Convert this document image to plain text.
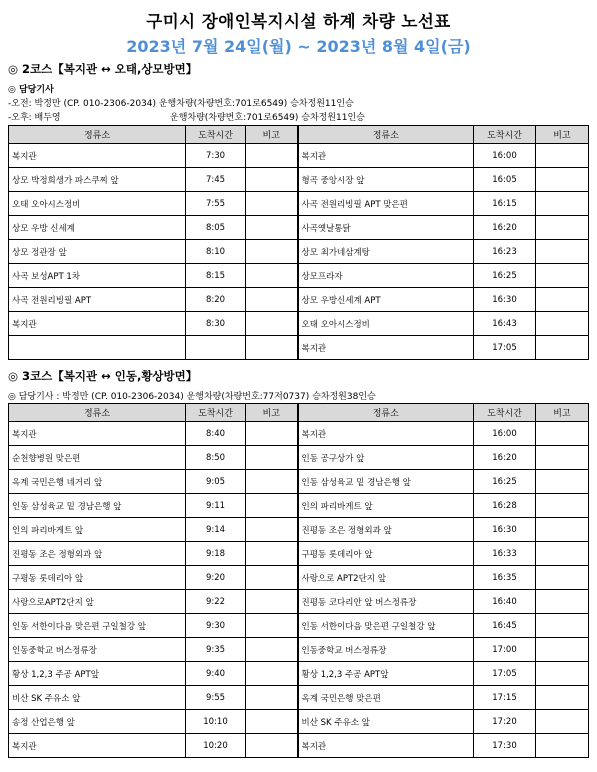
구미시 장애인복지시설 하계 차량 노선표
2023년 7월 24일(월) ~ 2023년 8월 4일(금)
◎ 2코스【복지관 ↔ 오태,상모방면】
◎ 담당기사
-오전: 박정만 (CP. 010-2306-2034) 운행차량(차량번호:701로6549) 승차정원11인승
-오후: 배두영	운행차량(차량번호:701로6549) 승차정원11인승
정류소	도착시간	비고	정류소	도착시간	비고
복지관	7:30		복지관	16:00	
상모 박정희생가 파스쿠찌 앞	7:45		형곡 중앙시장 앞	16:05	
오태 오아시스정비	7:55		사곡 전원리빙필 APT 맞은편	16:15	
상모 우방 신세계	8:05		사곡옛날통닭	16:20	
상모 정관장 앞	8:10		상모 최가네삼계탕	16:23	
사곡 보성APT 1차	8:15		상모프라자	16:25	
사곡 전원리빙필 APT	8:20		상모 우방신세계 APT	16:30	
복지관	8:30		오태 오아시스정비	16:43	
			복지관	17:05	
◎ 3코스【복지관 ↔ 인동,황상방면】
◎ 담당기사 : 박정만 (CP. 010-2306-2034) 운행차량(차량번호:77저0737) 승차정원38인승
정류소	도착시간	비고	정류소	도착시간	비고
복지관	8:40		복지관	16:00	
순천향병원 맞은편	8:50		인동 공구상가 앞	16:20	
옥계 국민은행 네거리 앞	9:05		인동 삼성육교 밑 경남은행 앞	16:25	
인동 삼성육교 밑 경남은행 앞	9:11		인의 파리바게트 앞	16:28	
인의 파리바게트 앞	9:14		진평동 조은 정형외과 앞	16:30	
진평동 조은 정형외과 앞	9:18		구평동 롯데리아 앞	16:33	
구평동 롯데리아 앞	9:20		사랑으로 APT2단지 앞	16:35	
사랑으로APT2단지 앞	9:22		진평동 코다리안 앞 버스정류장	16:40	
인동 서한이다음 맞은편 구일철강 앞	9:30		인동 서한이다음 맞은편 구일철강 앞	16:45	
인동중학교 버스정류장	9:35		인동중학교 버스정류장	17:00	
황상 1,2,3 주공 APT앞	9:40		황상 1,2,3 주공 APT앞	17:05	
비산 SK 주유소 앞	9:55		옥계 국민은행 맞은편	17:15	
송정 산업은행 앞	10:10		비산 SK 주유소 앞	17:20	
복지관	10:20		복지관	17:30	
